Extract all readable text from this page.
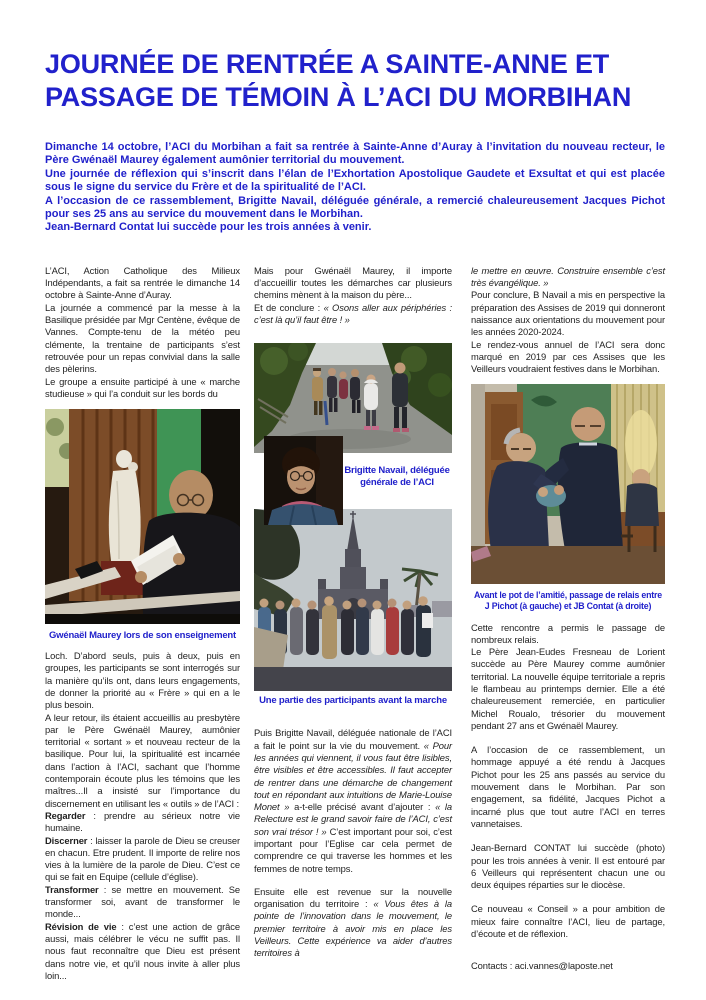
JOURNÉE DE RENTRÉE A SAINTE-ANNE ET
PASSAGE DE TÉMOIN À L’ACI DU MORBIHAN

Dimanche 14 octobre, l’ACI du Morbihan a fait sa rentrée à Sainte-Anne d’Auray à l’invitation du nouveau recteur, le Père Gwénaël Maurey également aumônier territorial du mouvement.

Une journée de réflexion qui s’inscrit dans l’élan de l’Exhortation Apostolique Gaudete et Exsultat et qui est placée sous le signe du service du Frère et de la spiritualité de l’ACI.

A l’occasion de ce rassemblement, Brigitte Navail, déléguée générale, a remercié chaleureusement Jacques Pichot pour ses 25 ans au service du mouvement dans le Morbihan.

Jean-Bernard Contat lui succède pour les trois années à venir.

L’ACI, Action Catholique des Milieux Indépendants, a fait sa rentrée le dimanche 14 octobre à Sainte-Anne d’Auray.

La journée a commencé par la messe à la Basilique présidée par Mgr Centène, évêque de Vannes. Compte-tenu de la météo peu clémente, la trentaine de participants s’est retrouvée pour un repas convivial dans la salle des pèlerins.

Le groupe a ensuite participé à une « marche studieuse » qui l’a conduit sur les bords du

Gwénaël Maurey lors de son enseignement

Loch. D’abord seuls, puis à deux, puis en groupes, les participants se sont interrogés sur la manière qu’ils ont, dans leurs engagements, de donner la priorité au « Frère » qui en a le plus besoin.

A leur retour, ils étaient accueillis au presbytère par le Père Gwénaël Maurey, aumônier territorial « sortant » et nouveau recteur de la basilique. Pour lui, la spiritualité est incarnée dans l’action à l’ACI, sachant que l’homme contemporain écoute plus les témoins que les maîtres...Il a insisté sur l’importance du discernement en utilisant les « outils » de l’ACI :

Regarder : prendre au sérieux notre vie humaine.

Discerner : laisser la parole de Dieu se creuser en chacun. Etre prudent. Il importe de relire nos vies à la lumière de la parole de Dieu. C’est ce qui se fait en Equipe (cellule d’église).

Transformer : se mettre en mouvement. Se transformer soi, avant de transformer le monde...

Révision de vie : c’est une action de grâce aussi, mais célébrer le vécu ne suffit pas. Il nous faut reconnaître que Dieu est présent dans notre vie, et qu’il nous invite à aller plus loin...

Mais pour Gwénaël Maurey, il importe d’accueillir toutes les démarches car plusieurs chemins mènent à la maison du père...

Et de conclure : « Osons aller aux périphéries : c’est là qu’il faut être ! »

Brigitte Navail, déléguée générale de l’ACI
Une partie des participants avant la marche

Puis Brigitte Navail, déléguée nationale de l’ACI a fait le point sur la vie du mouvement. « Pour les années qui viennent, il vous faut être lisibles, être visibles et être accessibles. Il faut accepter de rentrer dans une démarche de changement tout en répondant aux intuitions de Marie-Louise Monet » a-t-elle précisé avant d’ajouter : « la Relecture est le grand savoir faire de l’ACI, c’est son vrai trésor ! » C’est important pour soi, c’est important pour l’Eglise car cela permet de comprendre ce qui traverse les hommes et les femmes de notre temps.

Ensuite elle est revenue sur la nouvelle organisation du territoire : « Vous êtes à la pointe de l’innovation dans le mouvement, le premier territoire à avoir mis en place les Veilleurs. Cette expérience va aider d’autres territoires à

le mettre en œuvre. Construire ensemble c’est très évangélique. »

Pour conclure, B Navail a mis en perspective la préparation des Assises de 2019 qui donneront naissance aux orientations du mouvement pour les années 2020-2024.

Le rendez-vous annuel de l’ACI sera donc marqué en 2019 par ces Assises que les Veilleurs voudraient festives dans le Morbihan.

Avant le pot de l’amitié, passage de relais entre J Pichot (à gauche) et JB Contat (à droite)

Cette rencontre a permis le passage de nombreux relais.

Le Père Jean-Eudes Fresneau de Lorient succède au Père Maurey comme aumônier territorial. La nouvelle équipe territoriale a repris le flambeau au printemps dernier. Elle a été chaleureusement remerciée, en particulier Michel Roualo, trésorier du mouvement pendant 27 ans et Gwénaël Maurey.

A l’occasion de ce rassemblement, un hommage appuyé a été rendu à Jacques Pichot pour les 25 ans passés au service du mouvement dans le Morbihan. Par son engagement, sa fidélité, Jacques Pichot a incarné plus que tout autre l’ACI en terres vannetaises.

Jean-Bernard CONTAT lui succède (photo) pour les trois années à venir. Il est entouré par 6 Veilleurs qui représentent chacun une ou deux équipes réparties sur le diocèse.

Ce nouveau « Conseil » a pour ambition de mieux faire connaître l’ACI, lieu de partage, d’écoute et de réflexion.

Contacts : aci.vannes@laposte.net
